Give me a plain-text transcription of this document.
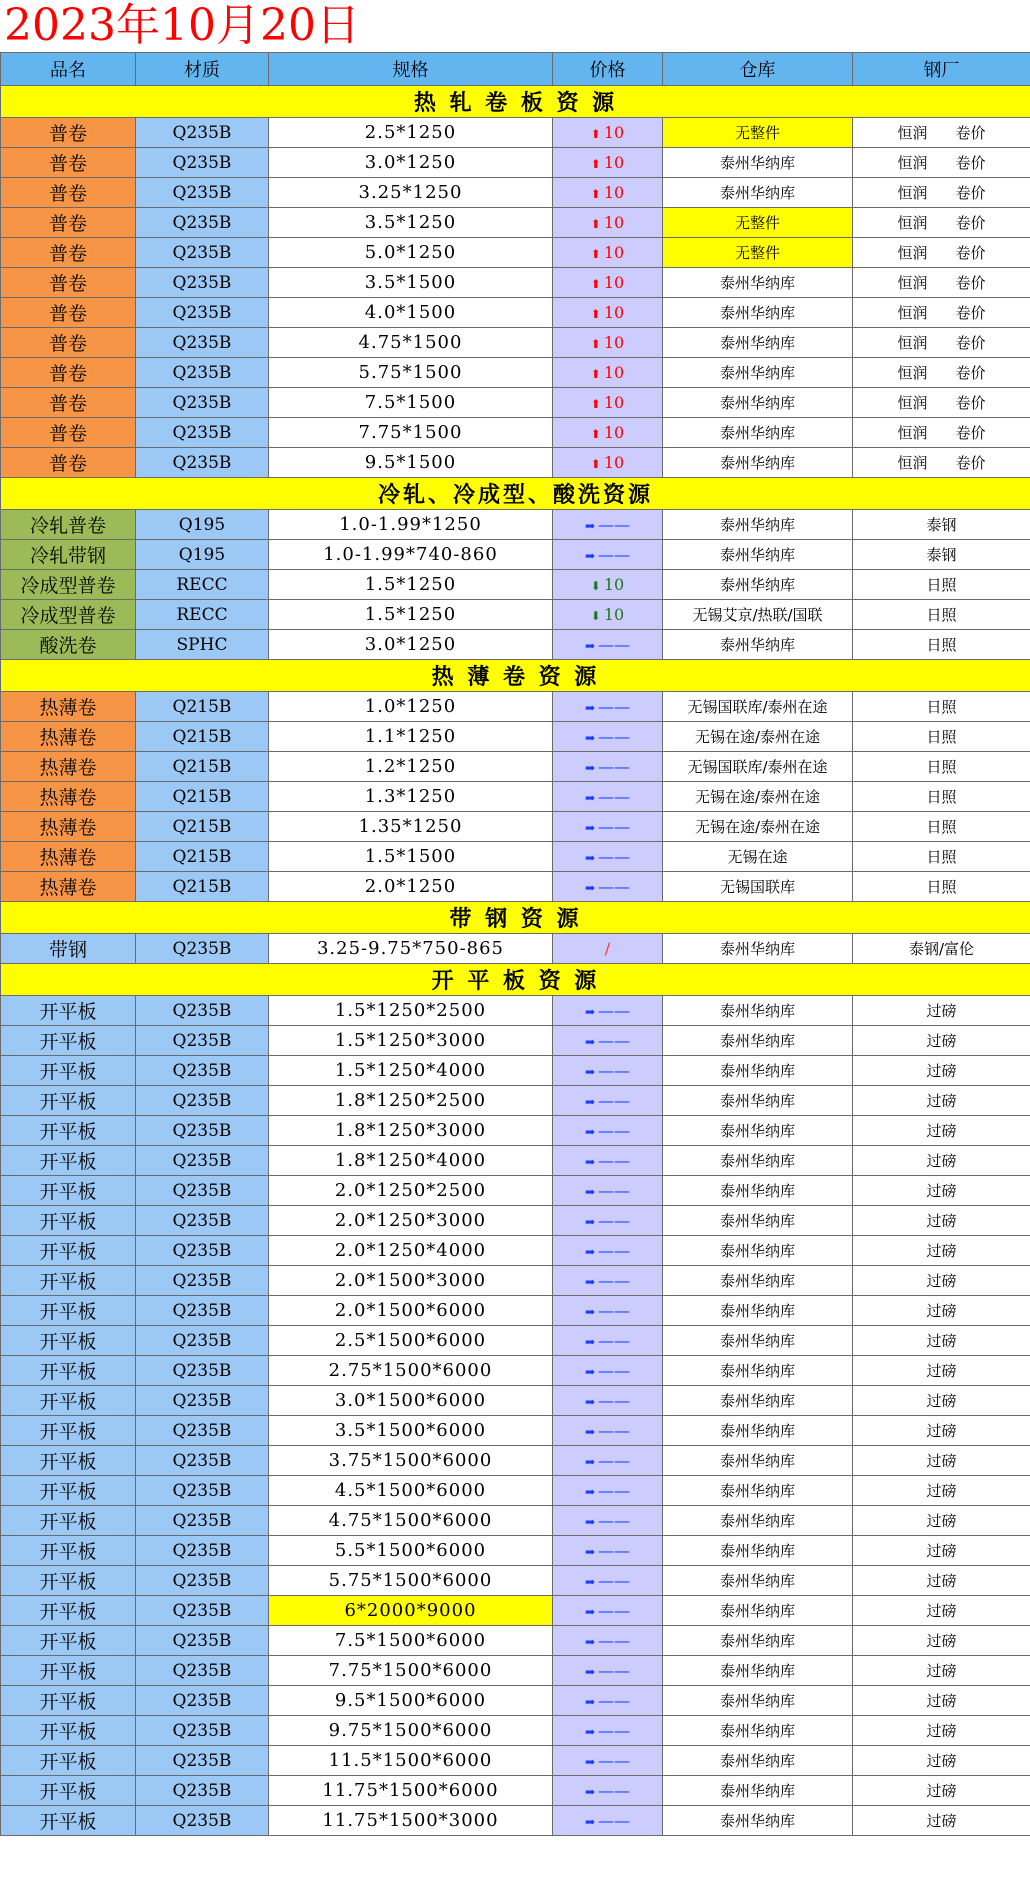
2023年10月20日
品名	材质	规格	价格	仓库	钢厂
热 轧 卷 板 资 源					
普卷	Q235B	2.5*1250	⬆ 10	无整件	恒润 卷价
普卷	Q235B	3.0*1250	⬆ 10	泰州华纳库	恒润 卷价
普卷	Q235B	3.25*1250	⬆ 10	泰州华纳库	恒润 卷价
普卷	Q235B	3.5*1250	⬆ 10	无整件	恒润 卷价
普卷	Q235B	5.0*1250	⬆ 10	无整件	恒润 卷价
普卷	Q235B	3.5*1500	⬆ 10	泰州华纳库	恒润 卷价
普卷	Q235B	4.0*1500	⬆ 10	泰州华纳库	恒润 卷价
普卷	Q235B	4.75*1500	⬆ 10	泰州华纳库	恒润 卷价
普卷	Q235B	5.75*1500	⬆ 10	泰州华纳库	恒润 卷价
普卷	Q235B	7.5*1500	⬆ 10	泰州华纳库	恒润 卷价
普卷	Q235B	7.75*1500	⬆ 10	泰州华纳库	恒润 卷价
普卷	Q235B	9.5*1500	⬆ 10	泰州华纳库	恒润 卷价
冷轧、冷成型、酸洗资源					
冷轧普卷	Q195	1.0-1.99*1250	➡ ——	泰州华纳库	泰钢
冷轧带钢	Q195	1.0-1.99*740-860	➡ ——	泰州华纳库	泰钢
冷成型普卷	RECC	1.5*1250	⬇ 10	泰州华纳库	日照
冷成型普卷	RECC	1.5*1250	⬇ 10	无锡艾京/热联/国联	日照
酸洗卷	SPHC	3.0*1250	➡ ——	泰州华纳库	日照
热 薄 卷 资 源					
热薄卷	Q215B	1.0*1250	➡ ——	无锡国联库/泰州在途	日照
热薄卷	Q215B	1.1*1250	➡ ——	无锡在途/泰州在途	日照
热薄卷	Q215B	1.2*1250	➡ ——	无锡国联库/泰州在途	日照
热薄卷	Q215B	1.3*1250	➡ ——	无锡在途/泰州在途	日照
热薄卷	Q215B	1.35*1250	➡ ——	无锡在途/泰州在途	日照
热薄卷	Q215B	1.5*1500	➡ ——	无锡在途	日照
热薄卷	Q215B	2.0*1250	➡ ——	无锡国联库	日照
带 钢 资 源					
带钢	Q235B	3.25-9.75*750-865	/	泰州华纳库	泰钢/富伦
开 平 板 资 源					
开平板	Q235B	1.5*1250*2500	➡ ——	泰州华纳库	过磅
开平板	Q235B	1.5*1250*3000	➡ ——	泰州华纳库	过磅
开平板	Q235B	1.5*1250*4000	➡ ——	泰州华纳库	过磅
开平板	Q235B	1.8*1250*2500	➡ ——	泰州华纳库	过磅
开平板	Q235B	1.8*1250*3000	➡ ——	泰州华纳库	过磅
开平板	Q235B	1.8*1250*4000	➡ ——	泰州华纳库	过磅
开平板	Q235B	2.0*1250*2500	➡ ——	泰州华纳库	过磅
开平板	Q235B	2.0*1250*3000	➡ ——	泰州华纳库	过磅
开平板	Q235B	2.0*1250*4000	➡ ——	泰州华纳库	过磅
开平板	Q235B	2.0*1500*3000	➡ ——	泰州华纳库	过磅
开平板	Q235B	2.0*1500*6000	➡ ——	泰州华纳库	过磅
开平板	Q235B	2.5*1500*6000	➡ ——	泰州华纳库	过磅
开平板	Q235B	2.75*1500*6000	➡ ——	泰州华纳库	过磅
开平板	Q235B	3.0*1500*6000	➡ ——	泰州华纳库	过磅
开平板	Q235B	3.5*1500*6000	➡ ——	泰州华纳库	过磅
开平板	Q235B	3.75*1500*6000	➡ ——	泰州华纳库	过磅
开平板	Q235B	4.5*1500*6000	➡ ——	泰州华纳库	过磅
开平板	Q235B	4.75*1500*6000	➡ ——	泰州华纳库	过磅
开平板	Q235B	5.5*1500*6000	➡ ——	泰州华纳库	过磅
开平板	Q235B	5.75*1500*6000	➡ ——	泰州华纳库	过磅
开平板	Q235B	6*2000*9000	➡ ——	泰州华纳库	过磅
开平板	Q235B	7.5*1500*6000	➡ ——	泰州华纳库	过磅
开平板	Q235B	7.75*1500*6000	➡ ——	泰州华纳库	过磅
开平板	Q235B	9.5*1500*6000	➡ ——	泰州华纳库	过磅
开平板	Q235B	9.75*1500*6000	➡ ——	泰州华纳库	过磅
开平板	Q235B	11.5*1500*6000	➡ ——	泰州华纳库	过磅
开平板	Q235B	11.75*1500*6000	➡ ——	泰州华纳库	过磅
开平板	Q235B	11.75*1500*3000	➡ ——	泰州华纳库	过磅
